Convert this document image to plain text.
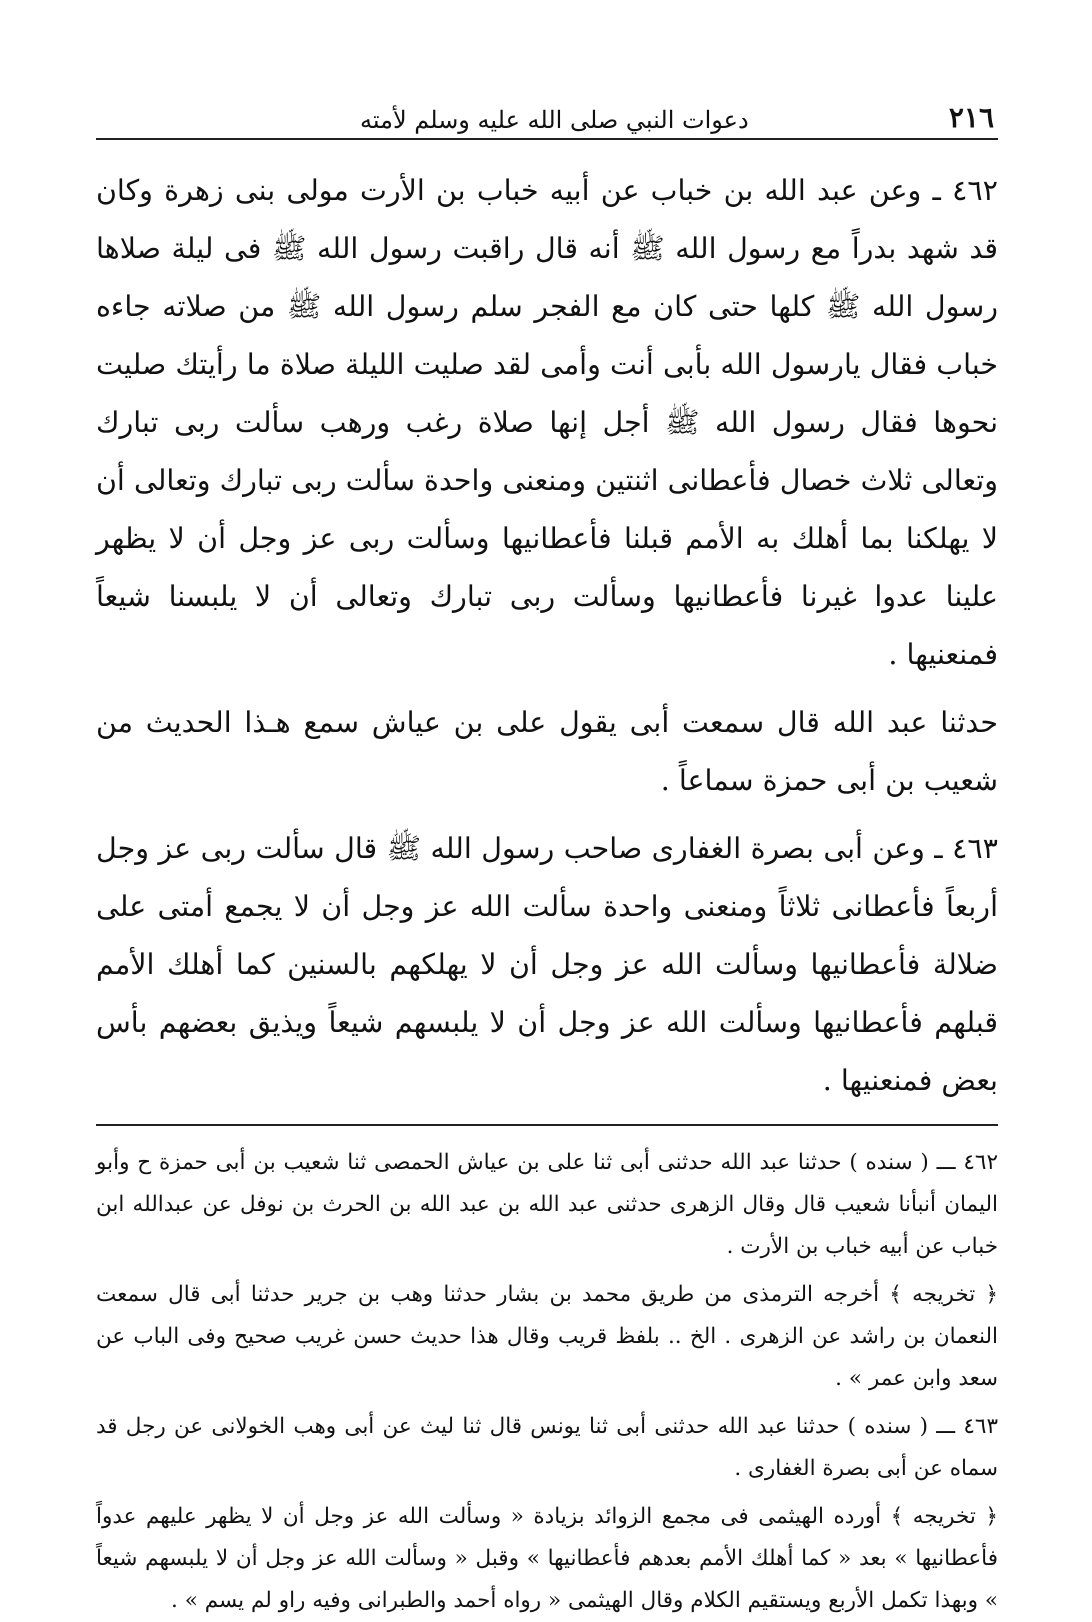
٢١٦
دعوات النبي صلى الله عليه وسلم لأمته

٤٦٢ ـ وعن عبد الله بن خباب عن أبيه خباب بن الأرت مولى بنى زهرة وكان قد شهد بدراً مع رسول الله ﷺ أنه قال راقبت رسول الله ﷺ فى ليلة صلاها رسول الله ﷺ كلها حتى كان مع الفجر سلم رسول الله ﷺ من صلاته جاءه خباب فقال يارسول الله بأبى أنت وأمى لقد صليت الليلة صلاة ما رأيتك صليت نحوها فقال رسول الله ﷺ أجل إنها صلاة رغب ورهب سألت ربى تبارك وتعالى ثلاث خصال فأعطانى اثنتين ومنعنى واحدة سألت ربى تبارك وتعالى أن لا يهلكنا بما أهلك به الأمم قبلنا فأعطانيها وسألت ربى عز وجل أن لا يظهر علينا عدوا غيرنا فأعطانيها وسألت ربى تبارك وتعالى أن لا يلبسنا شيعاً فمنعنيها .

حدثنا عبد الله قال سمعت أبى يقول على بن عياش سمع هـذا الحديث من شعيب بن أبى حمزة سماعاً .

٤٦٣ ـ وعن أبى بصرة الغفارى صاحب رسول الله ﷺ قال سألت ربى عز وجل أربعاً فأعطانى ثلاثاً ومنعنى واحدة سألت الله عز وجل أن لا يجمع أمتى على ضلالة فأعطانيها وسألت الله عز وجل أن لا يهلكهم بالسنين كما أهلك الأمم قبلهم فأعطانيها وسألت الله عز وجل أن لا يلبسهم شيعاً ويذيق بعضهم بأس بعض فمنعنيها .

٤٦٢ ـــ ( سنده ) حدثنا عبد الله حدثنى أبى ثنا على بن عياش الحمصى ثنا شعيب بن أبى حمزة ح وأبو اليمان أنبأنا شعيب قال وقال الزهرى حدثنى عبد الله بن عبد الله بن الحرث بن نوفل عن عبدالله ابن خباب عن أبيه خباب بن الأرت .

﴿ تخريجه ﴾ أخرجه الترمذى من طريق محمد بن بشار حدثنا وهب بن جرير حدثنا أبى قال سمعت النعمان بن راشد عن الزهرى . الخ .. بلفظ قريب وقال هذا حديث حسن غريب صحيح وفى الباب عن سعد وابن عمر » .

٤٦٣ ـــ ( سنده ) حدثنا عبد الله حدثنى أبى ثنا يونس قال ثنا ليث عن أبى وهب الخولانى عن رجل قد سماه عن أبى بصرة الغفارى .

﴿ تخريجه ﴾ أورده الهيثمى فى مجمع الزوائد بزيادة « وسألت الله عز وجل أن لا يظهر عليهم عدواً فأعطانيها » بعد « كما أهلك الأمم بعدهم فأعطانيها » وقبل « وسألت الله عز وجل أن لا يلبسهم شيعاً » وبهذا تكمل الأربع ويستقيم الكلام وقال الهيثمى « رواه أحمد والطبرانى وفيه راو لم يسم » .
